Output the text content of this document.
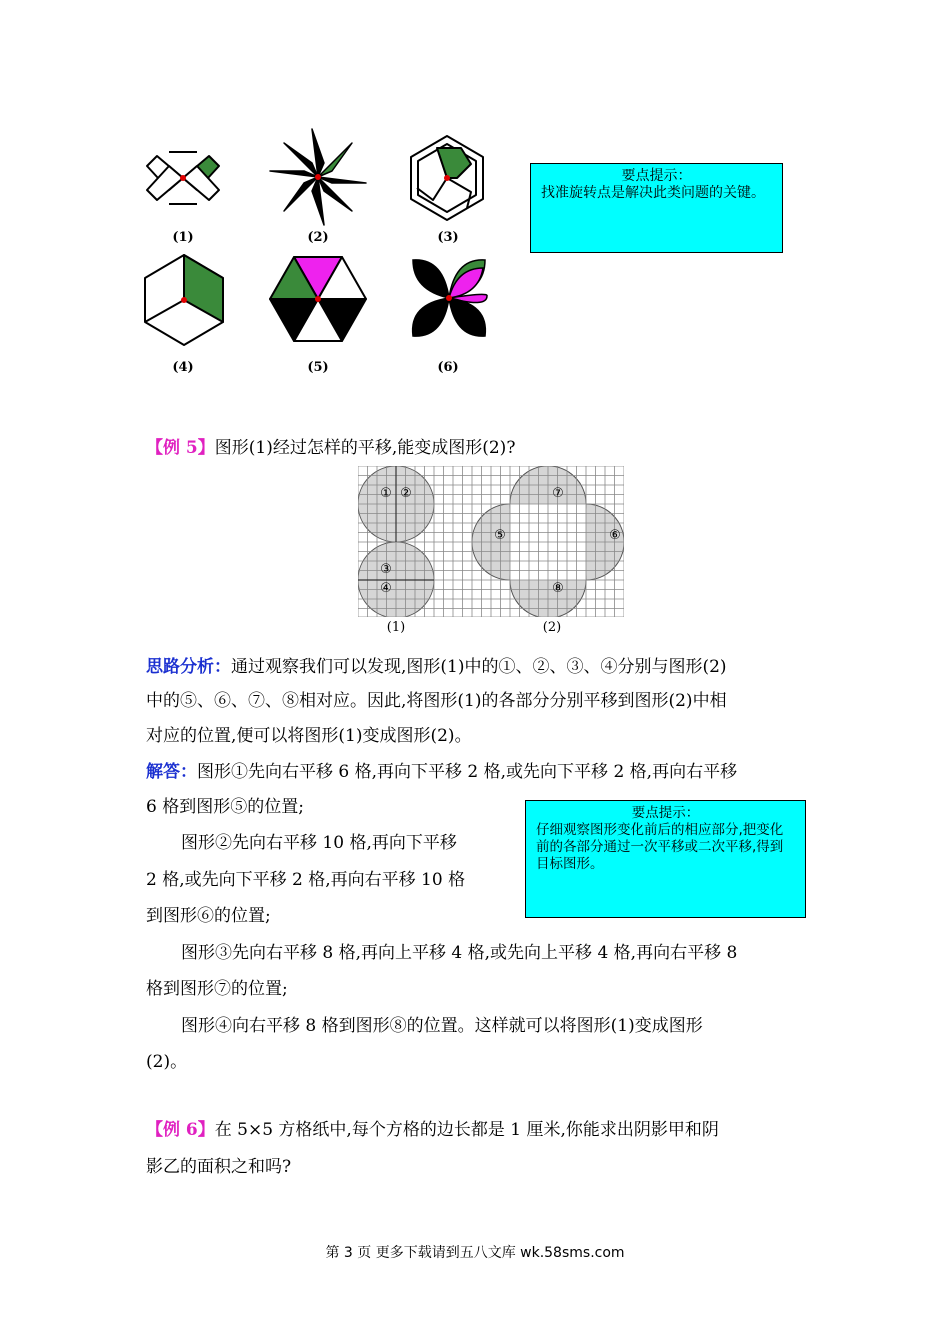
(1)	(2)	(3)
(4)	(5)	(6)
要点提示：
找准旋转点是解决此类问题的关键。
【例 5】图形(1)经过怎样的平移,能变成图形(2)?
① ②
③
④
⑤	⑥
⑦
⑧
(1)	(2)
思路分析：通过观察我们可以发现,图形(1)中的①、②、③、④分别与图形(2)
中的⑤、⑥、⑦、⑧相对应。因此,将图形(1)的各部分分别平移到图形(2)中相
对应的位置,便可以将图形(1)变成图形(2)。
解答：图形①先向右平移 6 格,再向下平移 2 格,或先向下平移 2 格,再向右平移
6 格到图形⑤的位置;
图形②先向右平移 10 格,再向下平移
2 格,或先向下平移 2 格,再向右平移 10 格
到图形⑥的位置;
图形③先向右平移 8 格,再向上平移 4 格,或先向上平移 4 格,再向右平移 8
格到图形⑦的位置;
图形④向右平移 8 格到图形⑧的位置。这样就可以将图形(1)变成图形
(2)。
要点提示：
仔细观察图形变化前后的相应部分,把变化前的各部分通过一次平移或二次平移,得到目标图形。
【例 6】在 5×5 方格纸中,每个方格的边长都是 1 厘米,你能求出阴影甲和阴
影乙的面积之和吗?
第 3 页 更多下载请到五八文库 wk.58sms.com
